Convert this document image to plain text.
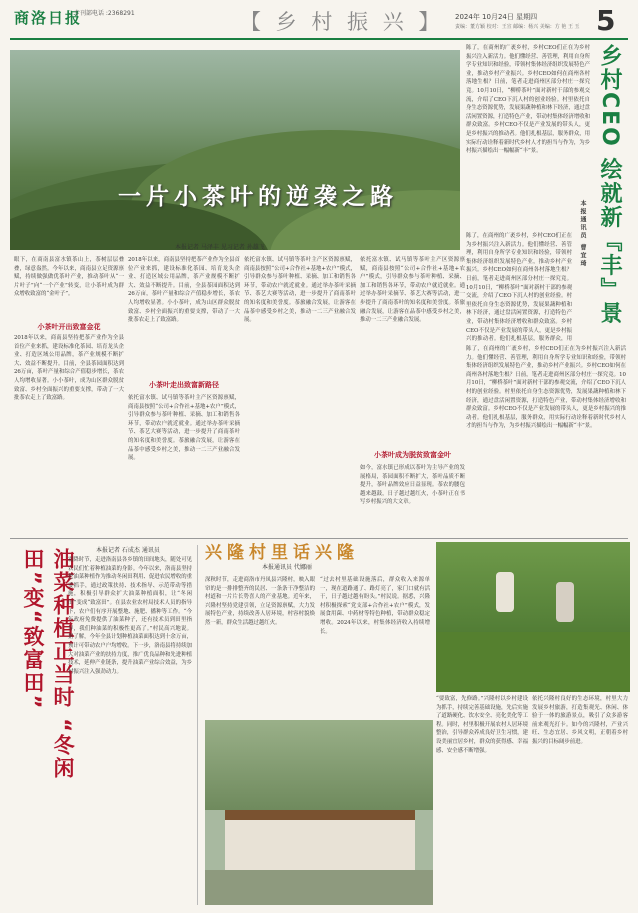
商洛日报
专刊部电话 :2368291	【 乡 村 振 兴 】 2024年 10月24日 星期四
责编：董方颖 校对：王宣 邮编：杨兴 美编：方 艳 王 玉 5
一片小茶叶的逆袭之路
本报记者 马泽丰 见习记者 孙雄飞
眼下，在商南县富水镇茶山上，茶树层层叠叠，绿意盎然。今年以来，商南县立足资源禀赋，持续做强做优茶叶产业，推动茶叶从“一片叶子”向“一个产业”转变，让小茶叶成为群众增收致富的“金叶子”。
小茶叶开出致富金花
2018年以来，商南县坚持把茶产业作为全县首位产业来抓，建设标准化茶园、培育龙头企业、打造区域公用品牌，茶产业规模不断扩大、效益不断提升。目前，全县茶园面积达到26万亩，茶叶产量和综合产值稳步增长，茶农人均增收显著。小小茶叶，成为山区群众脱贫致富、乡村全面振兴的重要支撑，带动了一大批茶农走上了致富路。
2018年以来，商南县坚持把茶产业作为全县首位产业来抓，建设标准化茶园、培育龙头企业、打造区域公用品牌，茶产业规模不断扩大、效益不断提升。目前，全县茶园面积达到26万亩，茶叶产量和综合产值稳步增长，茶农人均增收显著。小小茶叶，成为山区群众脱贫致富、乡村全面振兴的重要支撑，带动了一大批茶农走上了致富路。
小茶叶走出致富新路径
依托富水镇、试马镇等茶叶主产区资源禀赋，商南县按照“公司+合作社+基地+农户”模式，引导群众参与茶叶种植、采摘、加工和销售各环节，带动农户就近就业。通过举办茶叶采摘节、茶艺大赛等活动，进一步提升了商南茶叶的知名度和美誉度。茶旅融合发展，让游客在品茶中感受乡村之美，推动一二三产业融合发展。
依托富水镇、试马镇等茶叶主产区资源禀赋，商南县按照“公司+合作社+基地+农户”模式，引导群众参与茶叶种植、采摘、加工和销售各环节，带动农户就近就业。通过举办茶叶采摘节、茶艺大赛等活动，进一步提升了商南茶叶的知名度和美誉度。茶旅融合发展，让游客在品茶中感受乡村之美，推动一二三产业融合发展。
依托富水镇、试马镇等茶叶主产区资源禀赋，商南县按照“公司+合作社+基地+农户”模式，引导群众参与茶叶种植、采摘、加工和销售各环节，带动农户就近就业。通过举办茶叶采摘节、茶艺大赛等活动，进一步提升了商南茶叶的知名度和美誉度。茶旅融合发展，让游客在品茶中感受乡村之美，推动一二三产业融合发展。
小茶叶成为脱贫致富金叶
如今，富水镇已形成以茶叶为主导产业的发展格局，茶园面积不断扩大，茶叶品质不断提升，茶叶品牌效应日益显现。茶农的腰包越来越鼓，日子越过越红火，小茶叶正在书写乡村振兴的大文章。
陈了，在商州的广袤乡村，乡村CEO们正在为乡村振兴注入新活力。他们懂经营、善管理，利用自身所学专业知识和经验，带领村集体经济组织发展特色产业，推动乡村产业振兴。乡村CEO如何在商州各村落地生根？日前，笔者走进商州区部分村庄一探究竟。10月10日，“柳桥茶叶”面对新村干部的参观交流，介绍了CEO下沉人村的创业经验。村里依托自身生态资源优势，发展果蔬种植和林下经济，通过盘活闲置资源，打造特色产业，带动村集体经济增收和群众致富。乡村CEO不仅是产业发展的带头人，更是乡村振兴的推动者。他们扎根基层，服务群众，用实际行动诠释着新时代乡村人才的担当与作为，为乡村振兴描绘出一幅幅新“丰”景。	乡村CEO 绘就新『丰』景
本报通讯员 曹宜琦
陈了，在商州的广袤乡村，乡村CEO们正在为乡村振兴注入新活力。他们懂经营、善管理，利用自身所学专业知识和经验，带领村集体经济组织发展特色产业，推动乡村产业振兴。乡村CEO如何在商州各村落地生根？日前，笔者走进商州区部分村庄一探究竟。10月10日，“柳桥茶叶”面对新村干部的参观交流，介绍了CEO下沉人村的创业经验。村里依托自身生态资源优势，发展果蔬种植和林下经济，通过盘活闲置资源，打造特色产业，带动村集体经济增收和群众致富。乡村CEO不仅是产业发展的带头人，更是乡村振兴的推动者。他们扎根基层，服务群众，用
陈了，在商州的广袤乡村，乡村CEO们正在为乡村振兴注入新活力。他们懂经营、善管理，利用自身所学专业知识和经验，带领村集体经济组织发展特色产业，推动乡村产业振兴。乡村CEO如何在商州各村落地生根？日前，笔者走进商州区部分村庄一探究竟。10月10日，“柳桥茶叶”面对新村干部的参观交流，介绍了CEO下沉人村的创业经验。村里依托自身生态资源优势，发展果蔬种植和林下经济，通过盘活闲置资源，打造特色产业，带动村集体经济增收和群众致富。乡村CEO不仅是产业发展的带头人，更是乡村振兴的推动者。他们扎根基层，服务群众，用实际行动诠释着新时代乡村人才的担当与作为，为乡村振兴描绘出一幅幅新“丰”景。
油菜种植正当时 “冬闲田”变“致富田”	本报记者 石成杰 通讯员
霜降时节，走进洛南县各乡镇的田间地头，随处可见农民们忙着种植油菜的身影。今年以来，洛南县坚持把油菜种植作为推动冬闲田利用、促进农民增收的重要抓手，通过政策扶持、技术指导、示范带动等措施，积极引导群众扩大油菜种植面积，让“冬闲田”变成“致富田”。在县农业农村局技术人员的指导下，农户们有序开展整地、施肥、播种等工作。“今年政府免费提供了油菜种子，还有技术员到田里指导，我们种油菜的积极性更高了。”村民高兴地说。据了解，今年全县计划种植油菜面积达到十余万亩，预计可带动农户户均增收。下一步，洛南县将持续加大对油菜产业的扶持力度，推广优良品种和先进种植技术，延伸产业链条，提升油菜产业综合效益，为乡村振兴注入强劲动力。
兴隆村里话兴隆
本报通讯员 代娜丽
深秋时节，走进商洛市丹凤县兴隆村，映入眼帘的是一排排整齐的民居、一条条干净整洁的村道和一片片长势喜人的产业基地。近年来，兴隆村坚持党建引领，立足资源禀赋，大力发展特色产业，持续改善人居环境，村容村貌焕然一新，群众生活越过越红火。
“过去村里基础设施落后，群众收入来源单一，现在道路通了、路灯亮了，家门口就有活干，日子越过越有盼头。”村民说。据悉，兴隆村积极探索“党支部+合作社+农户”模式，发展食用菌、中药材等特色种植，带动群众稳定增收。2024年以来，村集体经济收入持续增长。
“要致富，先修路。”兴隆村以乡村建设为抓手，持续完善基础设施，先后实施了道路硬化、饮水安全、亮化美化等工程。同时，村里积极开展农村人居环境整治，引导群众养成良好卫生习惯，建设美丽宜居乡村，群众的获得感、幸福感、安全感不断增强。
依托兴隆村良好的生态环境，村里大力发展乡村旅游，打造集观光、休闲、体验于一体的旅游景点，吸引了众多游客前来观光打卡。如今的兴隆村，产业兴旺、生态宜居、乡风文明，正朝着乡村振兴的目标阔步前进。
